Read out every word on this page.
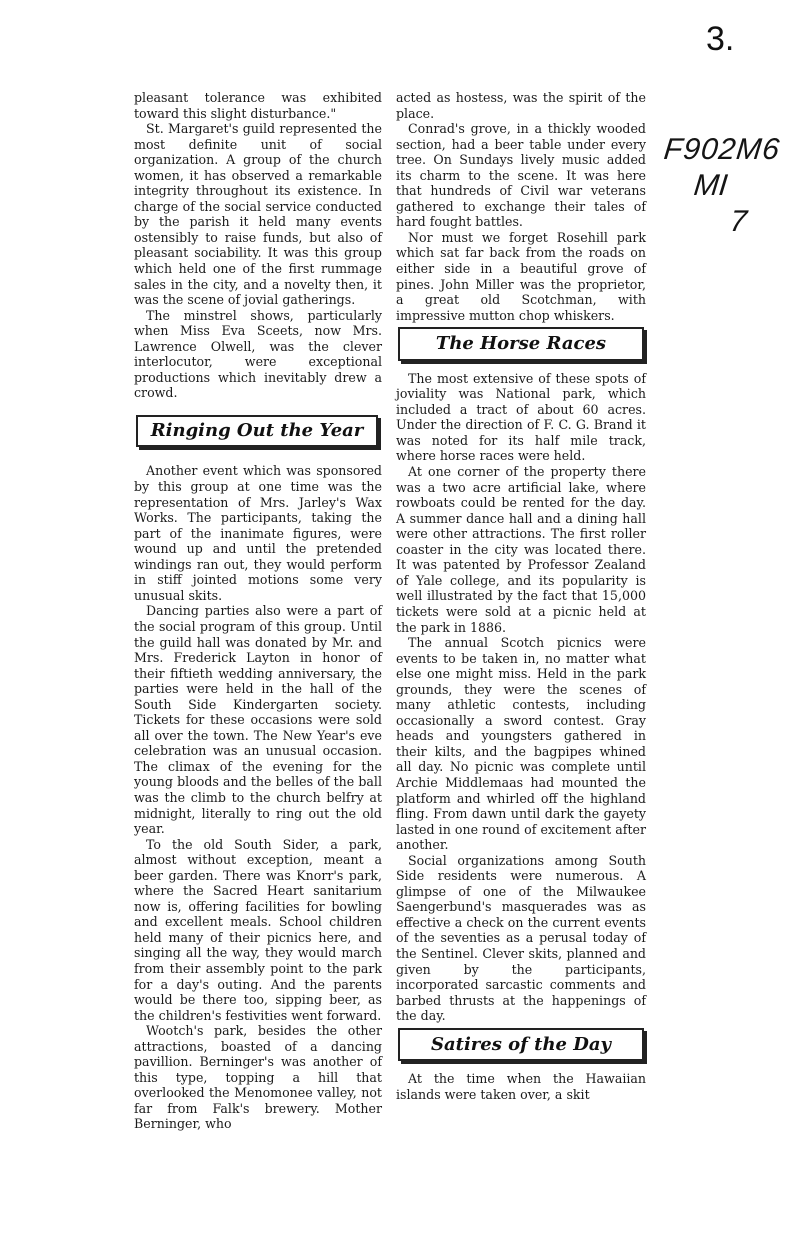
3.
F902M6
MI
7

pleasant tolerance was exhibited toward this slight disturbance."

St. Margaret's guild represented the most definite unit of social organization. A group of the church women, it has observed a remarkable integrity throughout its existence. In charge of the social service conducted by the parish it held many events ostensibly to raise funds, but also of pleasant sociability. It was this group which held one of the first rummage sales in the city, and a novelty then, it was the scene of jovial gatherings.

The minstrel shows, particularly when Miss Eva Sceets, now Mrs. Lawrence Olwell, was the clever interlocutor, were exceptional productions which inevitably drew a crowd.

Ringing Out the Year

Another event which was sponsored by this group at one time was the representation of Mrs. Jarley's Wax Works. The participants, taking the part of the inanimate figures, were wound up and until the pretended windings ran out, they would perform in stiff jointed motions some very unusual skits.

Dancing parties also were a part of the social program of this group. Until the guild hall was donated by Mr. and Mrs. Frederick Layton in honor of their fiftieth wedding anniversary, the parties were held in the hall of the South Side Kindergarten society. Tickets for these occasions were sold all over the town. The New Year's eve celebration was an unusual occasion. The climax of the evening for the young bloods and the belles of the ball was the climb to the church belfry at midnight, literally to ring out the old year.

To the old South Sider, a park, almost without exception, meant a beer garden. There was Knorr's park, where the Sacred Heart sanitarium now is, offering facilities for bowling and excellent meals. School children held many of their picnics here, and singing all the way, they would march from their assembly point to the park for a day's outing. And the parents would be there too, sipping beer, as the children's festivities went forward.

Wootch's park, besides the other attractions, boasted of a dancing pavillion. Berninger's was another of this type, topping a hill that overlooked the Menomonee valley, not far from Falk's brewery. Mother Berninger, who

acted as hostess, was the spirit of the place.

Conrad's grove, in a thickly wooded section, had a beer table under every tree. On Sundays lively music added its charm to the scene. It was here that hundreds of Civil war veterans gathered to exchange their tales of hard fought battles.

Nor must we forget Rosehill park which sat far back from the roads on either side in a beautiful grove of pines. John Miller was the proprietor, a great old Scotchman, with impressive mutton chop whiskers.

The Horse Races

The most extensive of these spots of joviality was National park, which included a tract of about 60 acres. Under the direction of F. C. G. Brand it was noted for its half mile track, where horse races were held.

At one corner of the property there was a two acre artificial lake, where rowboats could be rented for the day. A summer dance hall and a dining hall were other attractions. The first roller coaster in the city was located there. It was patented by Professor Zealand of Yale college, and its popularity is well illustrated by the fact that 15,000 tickets were sold at a picnic held at the park in 1886.

The annual Scotch picnics were events to be taken in, no matter what else one might miss. Held in the park grounds, they were the scenes of many athletic contests, including occasionally a sword contest. Gray heads and youngsters gathered in their kilts, and the bagpipes whined all day. No picnic was complete until Archie Middlemaas had mounted the platform and whirled off the highland fling. From dawn until dark the gayety lasted in one round of excitement after another.

Social organizations among South Side residents were numerous. A glimpse of one of the Milwaukee Saengerbund's masquerades was as effective a check on the current events of the seventies as a perusal today of the Sentinel. Clever skits, planned and given by the participants, incorporated sarcastic comments and barbed thrusts at the happenings of the day.

Satires of the Day

At the time when the Hawaiian islands were taken over, a skit
